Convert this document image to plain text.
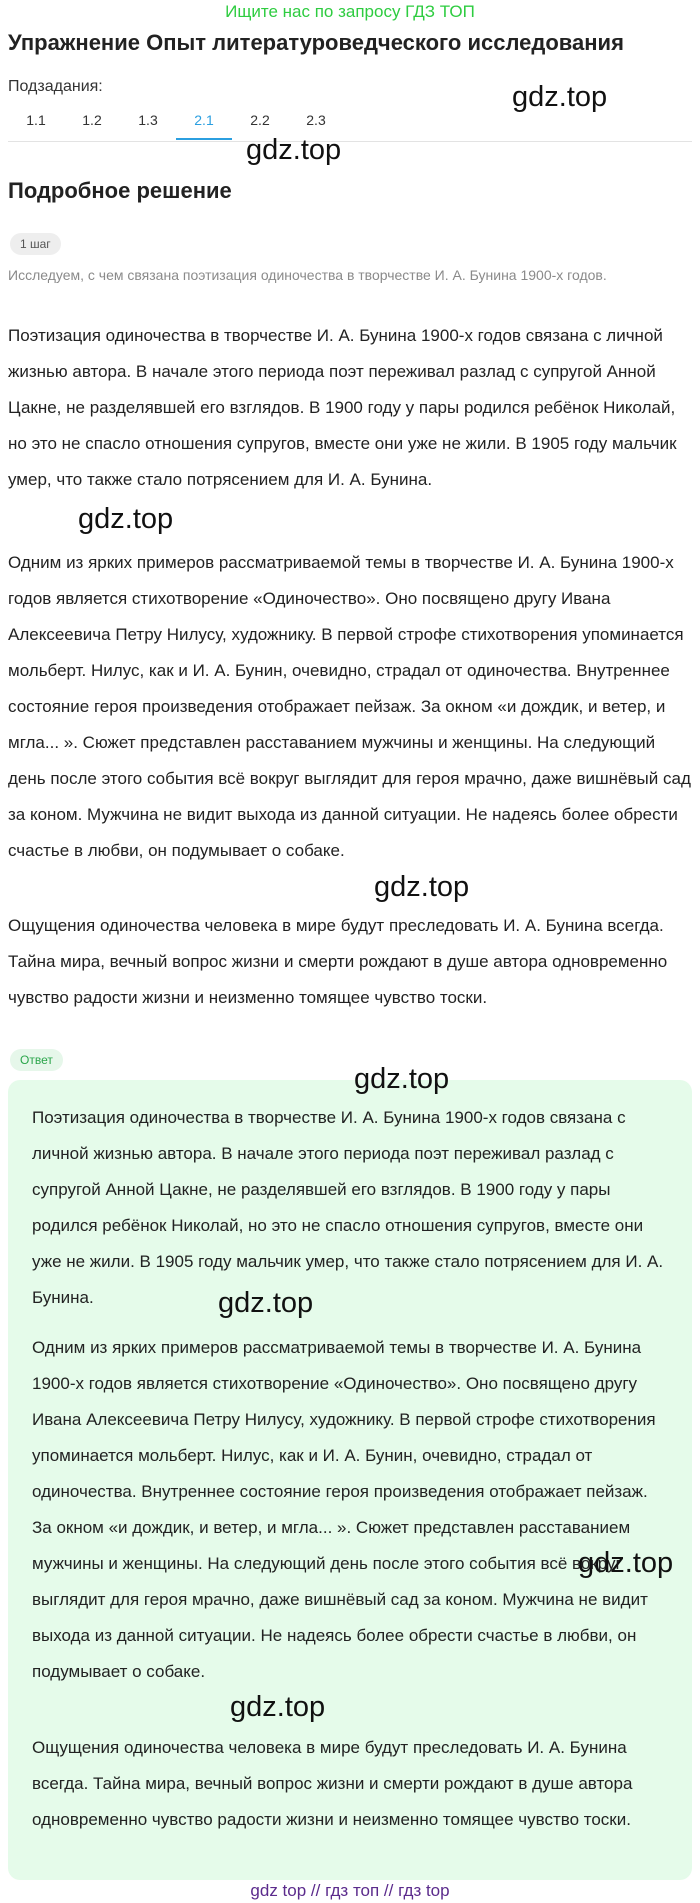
Ищите нас по запросу ГДЗ ТОП
Упражнение Опыт литературоведческого исследования
Подзадания:
1.1	1.2	1.3	2.1	2.2	2.3
Подробное решение
1 шаг
Исследуем, с чем связана поэтизация одиночества в творчестве И. А. Бунина 1900-х годов.

Поэтизация одиночества в творчестве И. А. Бунина 1900-х годов связана с личной жизнью автора. В начале этого периода поэт переживал разлад с супругой Анной Цакне, не разделявшей его взглядов. В 1900 году у пары родился ребёнок Николай, но это не спасло отношения супругов, вместе они уже не жили. В 1905 году мальчик умер, что также стало потрясением для И. А. Бунина.

Одним из ярких примеров рассматриваемой темы в творчестве И. А. Бунина 1900-х годов является стихотворение «Одиночество». Оно посвящено другу Ивана Алексеевича Петру Нилусу, художнику. В первой строфе стихотворения упоминается мольберт. Нилус, как и И. А. Бунин, очевидно, страдал от одиночества. Внутреннее состояние героя произведения отображает пейзаж. За окном «и дождик, и ветер, и мгла... ». Сюжет представлен расставанием мужчины и женщины. На следующий день после этого события всё вокруг выглядит для героя мрачно, даже вишнёвый сад за коном. Мужчина не видит выхода из данной ситуации. Не надеясь более обрести счастье в любви, он подумывает о собаке.

Ощущения одиночества человека в мире будут преследовать И. А. Бунина всегда. Тайна мира, вечный вопрос жизни и смерти рождают в душе автора одновременно чувство радости жизни и неизменно томящее чувство тоски.

Ответ

Поэтизация одиночества в творчестве И. А. Бунина 1900-х годов связана с личной жизнью автора. В начале этого периода поэт переживал разлад с супругой Анной Цакне, не разделявшей его взглядов. В 1900 году у пары родился ребёнок Николай, но это не спасло отношения супругов, вместе они уже не жили. В 1905 году мальчик умер, что также стало потрясением для И. А. Бунина.

Одним из ярких примеров рассматриваемой темы в творчестве И. А. Бунина 1900-х годов является стихотворение «Одиночество». Оно посвящено другу Ивана Алексеевича Петру Нилусу, художнику. В первой строфе стихотворения упоминается мольберт. Нилус, как и И. А. Бунин, очевидно, страдал от одиночества. Внутреннее состояние героя произведения отображает пейзаж. За окном «и дождик, и ветер, и мгла... ». Сюжет представлен расставанием мужчины и женщины. На следующий день после этого события всё вокруг выглядит для героя мрачно, даже вишнёвый сад за коном. Мужчина не видит выхода из данной ситуации. Не надеясь более обрести счастье в любви, он подумывает о собаке.

Ощущения одиночества человека в мире будут преследовать И. А. Бунина всегда. Тайна мира, вечный вопрос жизни и смерти рождают в душе автора одновременно чувство радости жизни и неизменно томящее чувство тоски.

gdz.top
gdz.top
gdz.top
gdz.top
gdz.top
gdz.top
gdz.top
gdz.top
gdz top // гдз топ // гдз top
